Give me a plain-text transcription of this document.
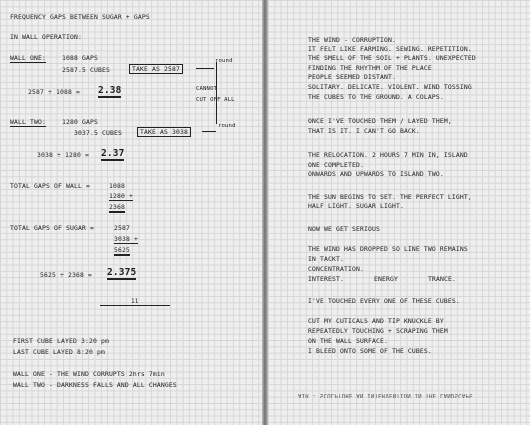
FREQUENCY GAPS BETWEEN SUGAR + GAPS
IN WALL OPERATION:
WALL ONE:	1088 GAPS
2587.5 CUBES	TAKE AS 2587
round
2587 ÷ 1088 = 2.38	CANNOT
CUT OFF ALL
WALL TWO:	1280 GAPS
3037.5 CUBES	TAKE AS 3038
round
3038 ÷ 1280 = 2.37
TOTAL GAPS OF WALL =	1088
1280 +
2368
TOTAL GAPS OF SUGAR =	2587
3038 +
5625
5625 ÷ 2368 = 2.375
11
FIRST CUBE LAYED 3:20 pm
LAST CUBE LAYED 8:20 pm
WALL ONE - THE WIND CORRUPTS 2hrs 7min
WALL TWO - DARKNESS FALLS AND ALL CHANGES
THE WIND - CORRUPTION.
IT FELT LIKE FARMING. SEWING. REPETITION.
THE SMELL OF THE SOIL + PLANTS. UNEXPECTED
FINDING THE RHYTHM OF THE PLACE
PEOPLE SEEMED DISTANT.
SOLITARY. DELICATE. VIOLENT. WIND TOSSING
THE CUBES TO THE GROUND. A COLAPS.
ONCE I'VE TOUCHED THEM / LAYED THEM,
THAT IS IT. I CAN'T GO BACK.
THE RELOCATION. 2 HOURS 7 MIN IN, ISLAND
ONE COMPLETED.
ONWARDS AND UPWARDS TO ISLAND TWO.
THE SUN BEGINS TO SET. THE PERFECT LIGHT,
HALF LIGHT. SUGAR LIGHT.
NOW WE GET SERIOUS
THE WIND HAS DROPPED SO LINE TWO REMAINS
IN TACKT.
CONCENTRATION.
INTEREST.	ENERGY	TRANCE.
I'VE TOUCHED EVERY ONE OF THESE CUBES.
CUT MY CUTICALS AND TIP KNUCKLE BY
REPEATEDLY TOUCHING + SCRAPING THEM
ON THE WALL SURFACE.
I BLEED ONTO SOME OF THE CUBES.
AIR - SCULPTURE AN INTERVENTION IN THE LANDSCAPE
